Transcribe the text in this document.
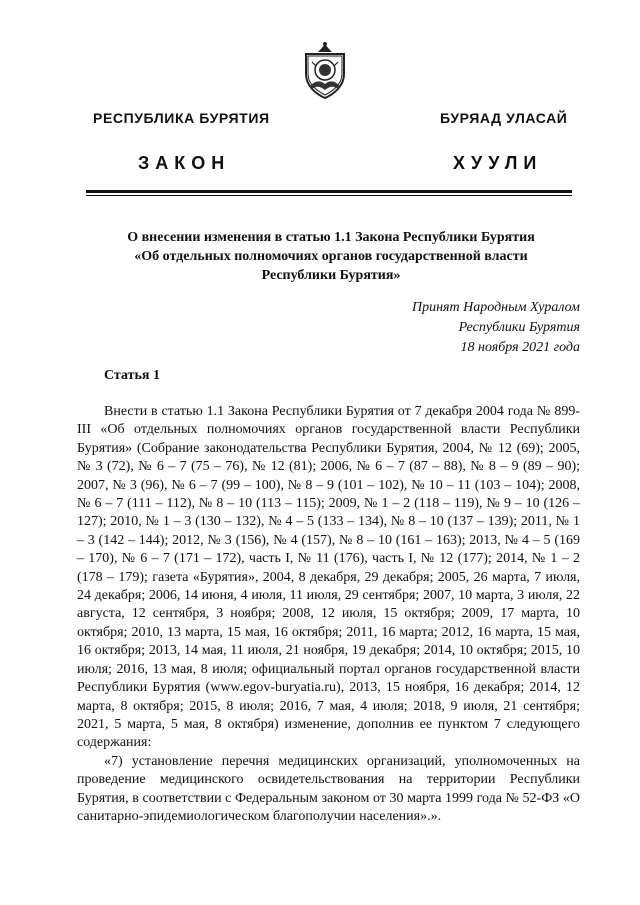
РЕСПУБЛИКА БУРЯТИЯ	БУРЯАД УЛАСАЙ
ЗАКОН	ХУУЛИ
О внесении изменения в статью 1.1 Закона Республики Бурятия
«Об отдельных полномочиях органов государственной власти
Республики Бурятия»
Принят Народным Хуралом
Республики Бурятия
18 ноября 2021 года
Статья 1

Внести в статью 1.1 Закона Республики Бурятия от 7 декабря 2004 года № 899-III «Об отдельных полномочиях органов государственной власти Республики Бурятия» (Собрание законодательства Республики Бурятия, 2004, № 12 (69); 2005, № 3 (72), № 6 – 7 (75 – 76), № 12 (81); 2006, № 6 – 7 (87 – 88), № 8 – 9 (89 – 90); 2007, № 3 (96), № 6 – 7 (99 – 100), № 8 – 9 (101 – 102), № 10 – 11 (103 – 104); 2008, № 6 – 7 (111 – 112), № 8 – 10 (113 – 115); 2009, № 1 – 2 (118 – 119), № 9 – 10 (126 – 127); 2010, № 1 – 3 (130 – 132), № 4 – 5 (133 – 134), № 8 – 10 (137 – 139); 2011, № 1 – 3 (142 – 144); 2012, № 3 (156), № 4 (157), № 8 – 10 (161 – 163); 2013, № 4 – 5 (169 – 170), № 6 – 7 (171 – 172), часть I, № 11 (176), часть I, № 12 (177); 2014, № 1 – 2 (178 – 179); газета «Бурятия», 2004, 8 декабря, 29 декабря; 2005, 26 марта, 7 июля, 24 декабря; 2006, 14 июня, 4 июля, 11 июля, 29 сентября; 2007, 10 марта, 3 июля, 22 августа, 12 сентября, 3 ноября; 2008, 12 июля, 15 октября; 2009, 17 марта, 10 октября; 2010, 13 марта, 15 мая, 16 октября; 2011, 16 марта; 2012, 16 марта, 15 мая, 16 октября; 2013, 14 мая, 11 июля, 21 ноября, 19 декабря; 2014, 10 октября; 2015, 10 июля; 2016, 13 мая, 8 июля; официальный портал органов государственной власти Республики Бурятия (www.egov-buryatia.ru), 2013, 15 ноября, 16 декабря; 2014, 12 марта, 8 октября; 2015, 8 июля; 2016, 7 мая, 4 июля; 2018, 9 июля, 21 сентября; 2021, 5 марта, 5 мая, 8 октября) изменение, дополнив ее пунктом 7 следующего содержания:

«7) установление перечня медицинских организаций, уполномоченных на проведение медицинского освидетельствования на территории Республики Бурятия, в соответствии с Федеральным законом от 30 марта 1999 года № 52-ФЗ «О санитарно-эпидемиологическом благополучии населения».».
